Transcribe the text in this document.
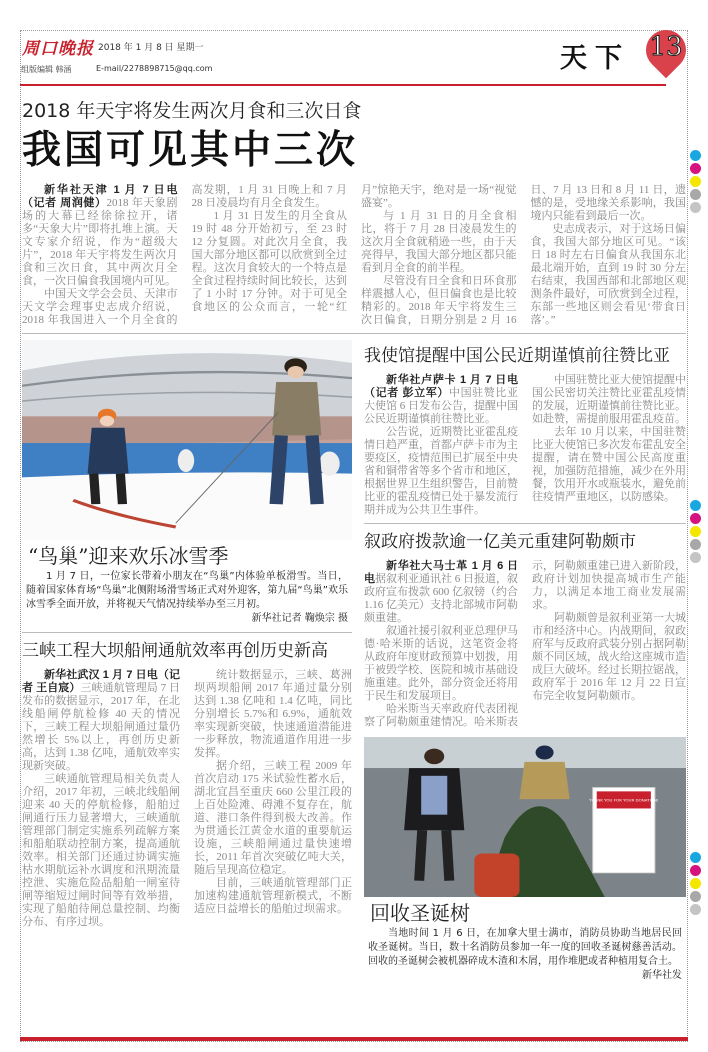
周口晚报 2018 年 1 月 8 日 星期一
组版编辑 韩涵	E-mail/2278898715@qq.com	天下 13
2018 年天宇将发生两次月食和三次日食
我国可见其中三次

新华社天津 1 月 7 日电（记者 周润健）2018 年天象剧场的大幕已经徐徐拉开，诸多“天象大片”即将扎堆上演。天文专家介绍说，作为“超级大片”，2018 年天宇将发生两次月食和三次日食，其中两次月全食，一次日偏食我国境内可见。

中国天文学会会员、天津市天文学会理事史志成介绍说，2018 年我国进入一个月全食的高发期，1 月 31 日晚上和 7 月 28 日凌晨均有月全食发生。

1 月 31 日发生的月全食从 19 时 48 分开始初亏，至 23 时 12 分复圆。对此次月全食，我国大部分地区都可以欣赏到全过程。这次月食较大的一个特点是全食过程持续时间比较长，达到了 1 小时 17 分钟。对于可见全食地区的公众而言，一轮“红月”惊艳天宇，绝对是一场“视觉盛宴”。

与 1 月 31 日的月全食相比，将于 7 月 28 日凌晨发生的这次月全食就稍逊一些，由于天亮得早，我国大部分地区都只能看到月全食的前半程。

尽管没有日全食和日环食那样震撼人心，但日偏食也是比较精彩的。2018 年天宇将发生三次日偏食，日期分别是 2 月 16 日、7 月 13 日和 8 月 11 日，遗憾的是，受地缘关系影响，我国境内只能看到最后一次。

史志成表示，对于这场日偏食，我国大部分地区可见。“该日 18 时左右日偏食从我国东北最北端开始，直到 19 时 30 分左右结束，我国西部和北部地区观测条件最好，可欣赏到全过程，东部一些地区则会看见‘带食日落’。”

“鸟巢”迎来欢乐冰雪季

1 月 7 日，一位家长带着小朋友在“鸟巢”内体验单板滑雪。当日，随着国家体育场“鸟巢”北侧附场滑雪场正式对外迎客，第九届“鸟巢”欢乐冰雪季全面开放，并将视天气情况持续举办至三月初。

新华社记者 鞠焕宗 摄
三峡工程大坝船闸通航效率再创历史新高

新华社武汉 1 月 7 日电（记者 王自宸）三峡通航管理局 7 日发布的数据显示，2017 年，在北线船闸停航检修 40 天的情况下，三峡工程大坝船闸通过量仍然增长 5%以上，再创历史新高，达到 1.38 亿吨，通航效率实现新突破。

三峡通航管理局相关负责人介绍，2017 年初，三峡北线船闸迎来 40 天的停航检修，船舶过闸通行压力显著增大，三峡通航管理部门制定实施系列疏解方案和船舶联动控制方案，提高通航效率。相关部门还通过协调实施枯水期航运补水调度和汛期流量控泄、实施危险品船舶一闸室待闸等缩短过闸时间等有效举措，实现了船舶待闸总量控制、均衡分布、有序过坝。

统计数据显示，三峡、葛洲坝两坝船闸 2017 年通过量分别达到 1.38 亿吨和 1.4 亿吨，同比分别增长 5.7%和 6.9%，通航效率实现新突破，快速通道潜能进一步释放，物流通道作用进一步发挥。

据介绍，三峡工程 2009 年首次启动 175 米试验性蓄水后，湖北宜昌至重庆 660 公里江段的上百处险滩、碍滩不复存在，航道、港口条件得到极大改善。作为贯通长江黄金水道的重要航运设施，三峡船闸通过量快速增长，2011 年首次突破亿吨大关，随后呈现高位稳定。

目前，三峡通航管理部门正加速构建通航管理新模式，不断适应日益增长的船舶过坝需求。

我使馆提醒中国公民近期谨慎前往赞比亚

新华社卢萨卡 1 月 7 日电（记者 彭立军）中国驻赞比亚大使馆 6 日发布公告，提醒中国公民近期谨慎前往赞比亚。

公告说，近期赞比亚霍乱疫情日趋严重，首都卢萨卡市为主要疫区，疫情范围已扩展至中央省和铜带省等多个省市和地区，根据世界卫生组织警告，目前赞比亚的霍乱疫情已处于暴发流行期并成为公共卫生事件。

中国驻赞比亚大使馆提醒中国公民密切关注赞比亚霍乱疫情的发展，近期谨慎前往赞比亚。如赴赞，需提前服用霍乱疫苗。

去年 10 月以来，中国驻赞比亚大使馆已多次发布霍乱安全提醒，请在赞中国公民高度重视，加强防范措施，减少在外用餐，饮用开水或瓶装水，避免前往疫情严重地区，以防感染。

叙政府拨款逾一亿美元重建阿勒颇市

新华社大马士革 1 月 6 日电据叙利亚通讯社 6 日报道，叙政府宣布拨款 600 亿叙镑（约合 1.16 亿美元）支持北部城市阿勒颇重建。

叙通社援引叙利亚总理伊马德·哈米斯的话说，这笔资金将从政府年度财政预算中划拨，用于被毁学校、医院和城市基础设施重建。此外，部分资金还将用于民生和发展项目。

哈米斯当天率政府代表团视察了阿勒颇重建情况。哈米斯表示，阿勒颇重建已进入新阶段，政府计划加快提高城市生产能力，以满足本地工商业发展需求。

阿勒颇曾是叙利亚第一大城市和经济中心。内战期间，叙政府军与反政府武装分别占据阿勒颇不同区域，战火给这座城市造成巨大破坏。经过长期拉锯战，政府军于 2016 年 12 月 22 日宣布完全收复阿勒颇市。

THANK YOU FOR YOUR DONATION!
回收圣诞树

当地时间 1 月 6 日，在加拿大里士满市，消防员协助当地居民回收圣诞树。当日，数十名消防员参加一年一度的回收圣诞树慈善活动。回收的圣诞树会被机器碎成木渣和木屑，用作堆肥或者种植用复合土。

新华社发
